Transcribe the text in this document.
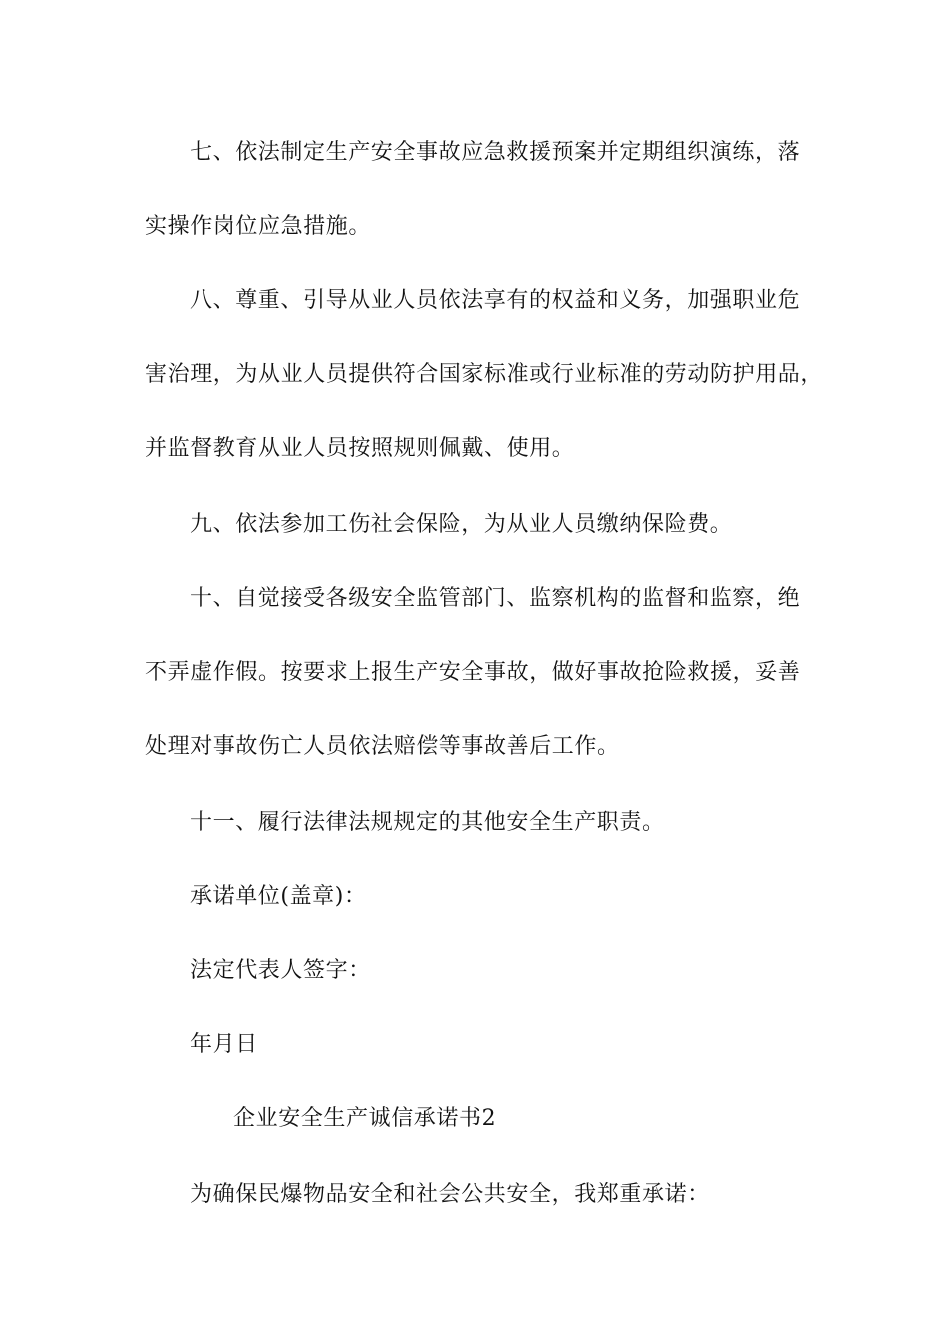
七、依法制定生产安全事故应急救援预案并定期组织演练，落
实操作岗位应急措施。
八、尊重、引导从业人员依法享有的权益和义务，加强职业危
害治理，为从业人员提供符合国家标准或行业标准的劳动防护用品，
并监督教育从业人员按照规则佩戴、使用。
九、依法参加工伤社会保险，为从业人员缴纳保险费。
十、自觉接受各级安全监管部门、监察机构的监督和监察，绝
不弄虚作假。按要求上报生产安全事故，做好事故抢险救援，妥善
处理对事故伤亡人员依法赔偿等事故善后工作。
十一、履行法律法规规定的其他安全生产职责。
承诺单位(盖章)：
法定代表人签字：
年月日
企业安全生产诚信承诺书2
为确保民爆物品安全和社会公共安全，我郑重承诺：
